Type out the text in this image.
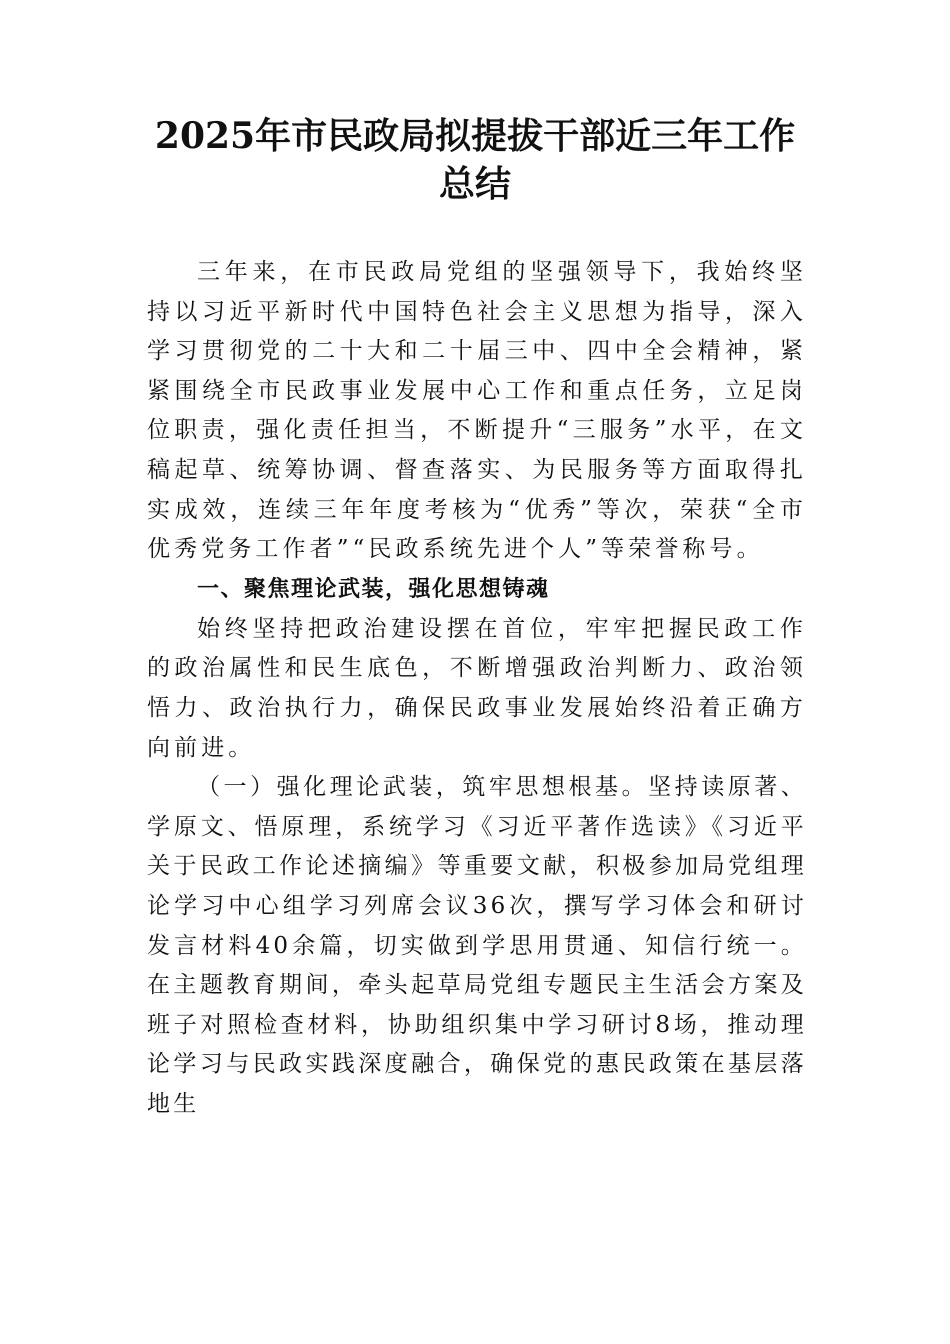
2025年市民政局拟提拔干部近三年工作总结

三年来，在市民政局党组的坚强领导下，我始终坚持以习近平新时代中国特色社会主义思想为指导，深入学习贯彻党的二十大和二十届三中、四中全会精神，紧紧围绕全市民政事业发展中心工作和重点任务，立足岗位职责，强化责任担当，不断提升“三服务”水平，在文稿起草、统筹协调、督查落实、为民服务等方面取得扎实成效，连续三年年度考核为“优秀”等次，荣获“全市优秀党务工作者”“民政系统先进个人”等荣誉称号。

一、聚焦理论武装，强化思想铸魂

始终坚持把政治建设摆在首位，牢牢把握民政工作的政治属性和民生底色，不断增强政治判断力、政治领悟力、政治执行力，确保民政事业发展始终沿着正确方向前进。

（一）强化理论武装，筑牢思想根基。坚持读原著、学原文、悟原理，系统学习《习近平著作选读》《习近平关于民政工作论述摘编》等重要文献，积极参加局党组理论学习中心组学习列席会议36次，撰写学习体会和研讨发言材料40余篇，切实做到学思用贯通、知信行统一。在主题教育期间，牵头起草局党组专题民主生活会方案及班子对照检查材料，协助组织集中学习研讨8场，推动理论学习与民政实践深度融合，确保党的惠民政策在基层落地生
